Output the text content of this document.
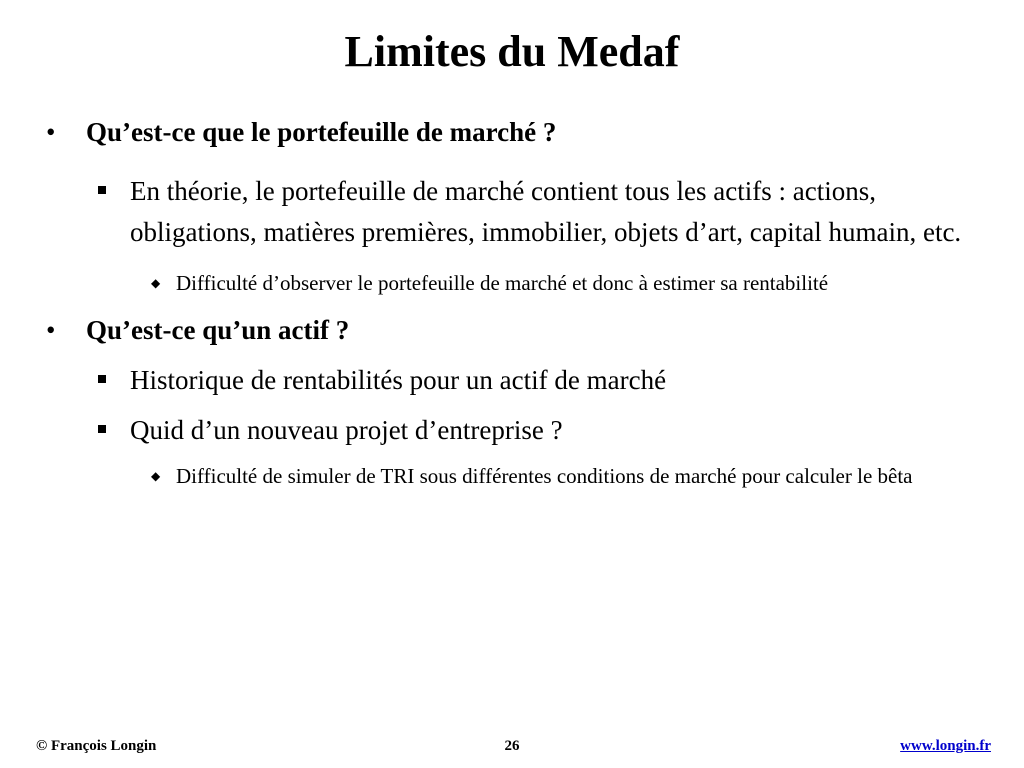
Limites du Medaf
• Qu’est-ce que le portefeuille de marché ?
En théorie, le portefeuille de marché contient tous les actifs : actions, obligations, matières premières, immobilier, objets d’art, capital humain, etc.
◆ Difficulté d’observer le portefeuille de marché et donc à estimer sa rentabilité
• Qu’est-ce qu’un actif ?
Historique de rentabilités pour un actif de marché
Quid d’un nouveau projet d’entreprise ?
◆ Difficulté de simuler de TRI sous différentes conditions de marché pour calculer le bêta
© François Longin	26	www.longin.fr
